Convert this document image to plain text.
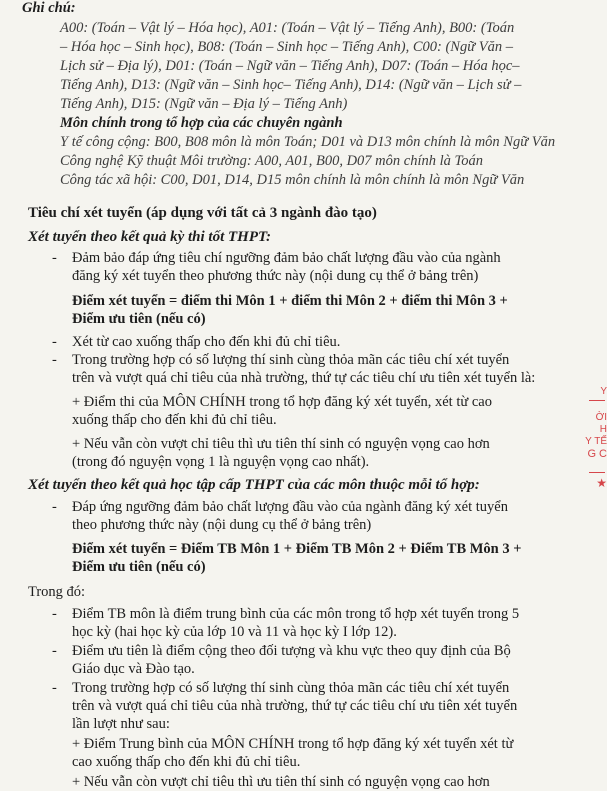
Ghi chú:
A00: (Toán – Vật lý – Hóa học), A01: (Toán – Vật lý – Tiếng Anh), B00: (Toán
– Hóa học – Sinh học), B08: (Toán – Sinh học – Tiếng Anh), C00: (Ngữ Văn –
Lịch sử – Địa lý), D01: (Toán – Ngữ văn – Tiếng Anh), D07: (Toán – Hóa học–
Tiếng Anh), D13: (Ngữ văn – Sinh học– Tiếng Anh), D14: (Ngữ văn – Lịch sử –
Tiếng Anh), D15: (Ngữ văn – Địa lý – Tiếng Anh)
Môn chính trong tổ hợp của các chuyên ngành
Y tế công cộng: B00, B08 môn là môn Toán; D01 và D13 môn chính là môn Ngữ Văn
Công nghệ Kỹ thuật Môi trường: A00, A01, B00, D07 môn chính là Toán
Công tác xã hội: C00, D01, D14, D15 môn chính là môn chính là môn Ngữ Văn
Tiêu chí xét tuyển (áp dụng với tất cả 3 ngành đào tạo)
Xét tuyển theo kết quả kỳ thi tốt THPT:
- Đảm bảo đáp ứng tiêu chí ngưỡng đảm bảo chất lượng đầu vào của ngành
đăng ký xét tuyển theo phương thức này (nội dung cụ thể ở bảng trên)
Điểm xét tuyển = điểm thi Môn 1 + điểm thi Môn 2 + điểm thi Môn 3 +
Điểm ưu tiên (nếu có)
- Xét từ cao xuống thấp cho đến khi đủ chỉ tiêu.
- Trong trường hợp có số lượng thí sinh cùng thỏa mãn các tiêu chí xét tuyển
trên và vượt quá chỉ tiêu của nhà trường, thứ tự các tiêu chí ưu tiên xét tuyển là:
+ Điểm thi của MÔN CHÍNH trong tổ hợp đăng ký xét tuyển, xét từ cao
xuống thấp cho đến khi đủ chỉ tiêu.
+ Nếu vẫn còn vượt chỉ tiêu thì ưu tiên thí sinh có nguyện vọng cao hơn
(trong đó nguyện vọng 1 là nguyện vọng cao nhất).
Xét tuyển theo kết quả học tập cấp THPT của các môn thuộc mỗi tổ hợp:
- Đáp ứng ngưỡng đảm bảo chất lượng đầu vào của ngành đăng ký xét tuyển
theo phương thức này (nội dung cụ thể ở bảng trên)
Điểm xét tuyển = Điểm TB Môn 1 + Điểm TB Môn 2 + Điểm TB Môn 3 +
Điểm ưu tiên (nếu có)
Trong đó:
- Điểm TB môn là điểm trung bình của các môn trong tổ hợp xét tuyển trong 5
học kỳ (hai học kỳ của lớp 10 và 11 và học kỳ I lớp 12).
- Điểm ưu tiên là điểm cộng theo đối tượng và khu vực theo quy định của Bộ
Giáo dục và Đào tạo.
- Trong trường hợp có số lượng thí sinh cùng thỏa mãn các tiêu chí xét tuyển
trên và vượt quá chỉ tiêu của nhà trường, thứ tự các tiêu chí ưu tiên xét tuyển
lần lượt như sau:
+ Điểm Trung bình của MÔN CHÍNH trong tổ hợp đăng ký xét tuyển xét từ
cao xuống thấp cho đến khi đủ chỉ tiêu.
+ Nếu vẫn còn vượt chỉ tiêu thì ưu tiên thí sinh có nguyện vọng cao hơn
Y
ỜI
H
Y TẾ
G C
★
